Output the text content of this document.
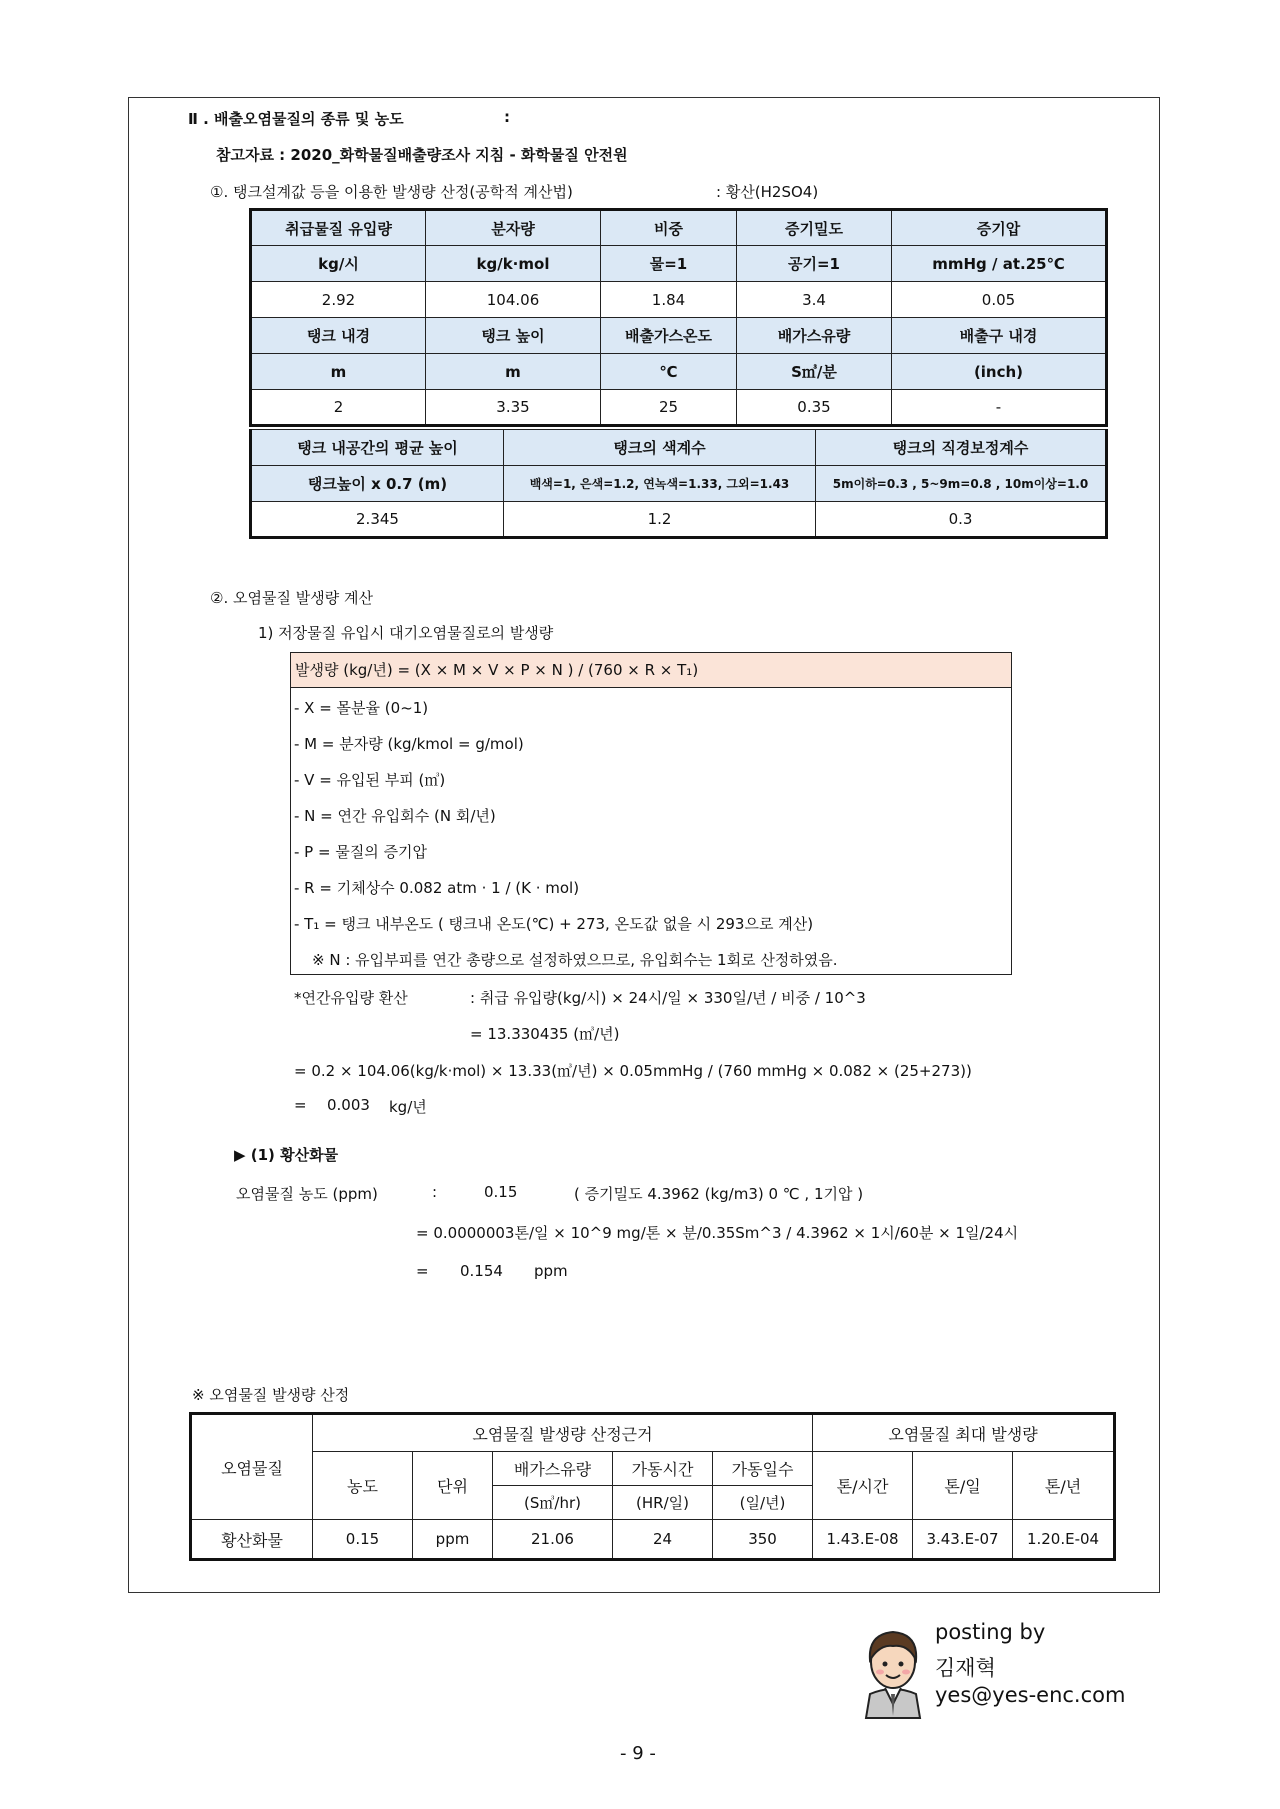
Ⅱ . 배출오염물질의 종류 및 농도	:
참고자료 : 2020_화학물질배출량조사 지침 - 화학물질 안전원
①. 탱크설계값 등을 이용한 발생량 산정(공학적 계산법)	: 황산(H2SO4)
취급물질 유입량	분자량	비중	증기밀도	증기압
kg/시	kg/k·mol	물=1	공기=1	mmHg / at.25℃
2.92	104.06	1.84	3.4	0.05
탱크 내경	탱크 높이	배출가스온도	배가스유량	배출구 내경
m	m	℃	S㎥/분	(inch)
2	3.35	25	0.35	-
탱크 내공간의 평균 높이	탱크의 색계수	탱크의 직경보정계수
탱크높이 x 0.7 (m)	백색=1, 은색=1.2, 연녹색=1.33, 그외=1.43	5m이하=0.3 , 5~9m=0.8 , 10m이상=1.0
2.345	1.2	0.3
②. 오염물질 발생량 계산
1) 저장물질 유입시 대기오염물질로의 발생량
발생량 (kg/년) = (X × M × V × P × N ) / (760 × R × T₁)
- X = 몰분율 (0~1)
- M = 분자량 (kg/kmol = g/mol)
- V = 유입된 부피 (㎥)
- N = 연간 유입회수 (N 회/년)
- P = 물질의 증기압
- R = 기체상수 0.082 atm · 1 / (K · mol)
- T₁ = 탱크 내부온도 ( 탱크내 온도(℃) + 273, 온도값 없을 시 293으로 계산)
※ N : 유입부피를 연간 총량으로 설정하였으므로, 유입회수는 1회로 산정하였음.
*연간유입량 환산	: 취급 유입량(kg/시) × 24시/일 × 330일/년 / 비중 / 10^3
= 13.330435 (㎥/년)
= 0.2 × 104.06(kg/k·mol) × 13.33(㎥/년) × 0.05mmHg / (760 mmHg × 0.082 × (25+273))
= 0.003 kg/년
▶ (1) 황산화물
오염물질 농도 (ppm)	:	0.15	( 증기밀도 4.3962 (kg/m3) 0 ℃ , 1기압 )
= 0.0000003톤/일 × 10^9 mg/톤 × 분/0.35Sm^3 / 4.3962 × 1시/60분 × 1일/24시
= 0.154 ppm
※ 오염물질 발생량 산정
오염물질	오염물질 발생량 산정근거					오염물질 최대 발생량		
	농도	단위	배가스유량	가동시간	가동일수	톤/시간	톤/일	톤/년
			(S㎥/hr)	(HR/일)	(일/년)			
황산화물	0.15	ppm	21.06	24	350	1.43.E-08	3.43.E-07	1.20.E-04
posting by
김재혁
yes@yes-enc.com
- 9 -
